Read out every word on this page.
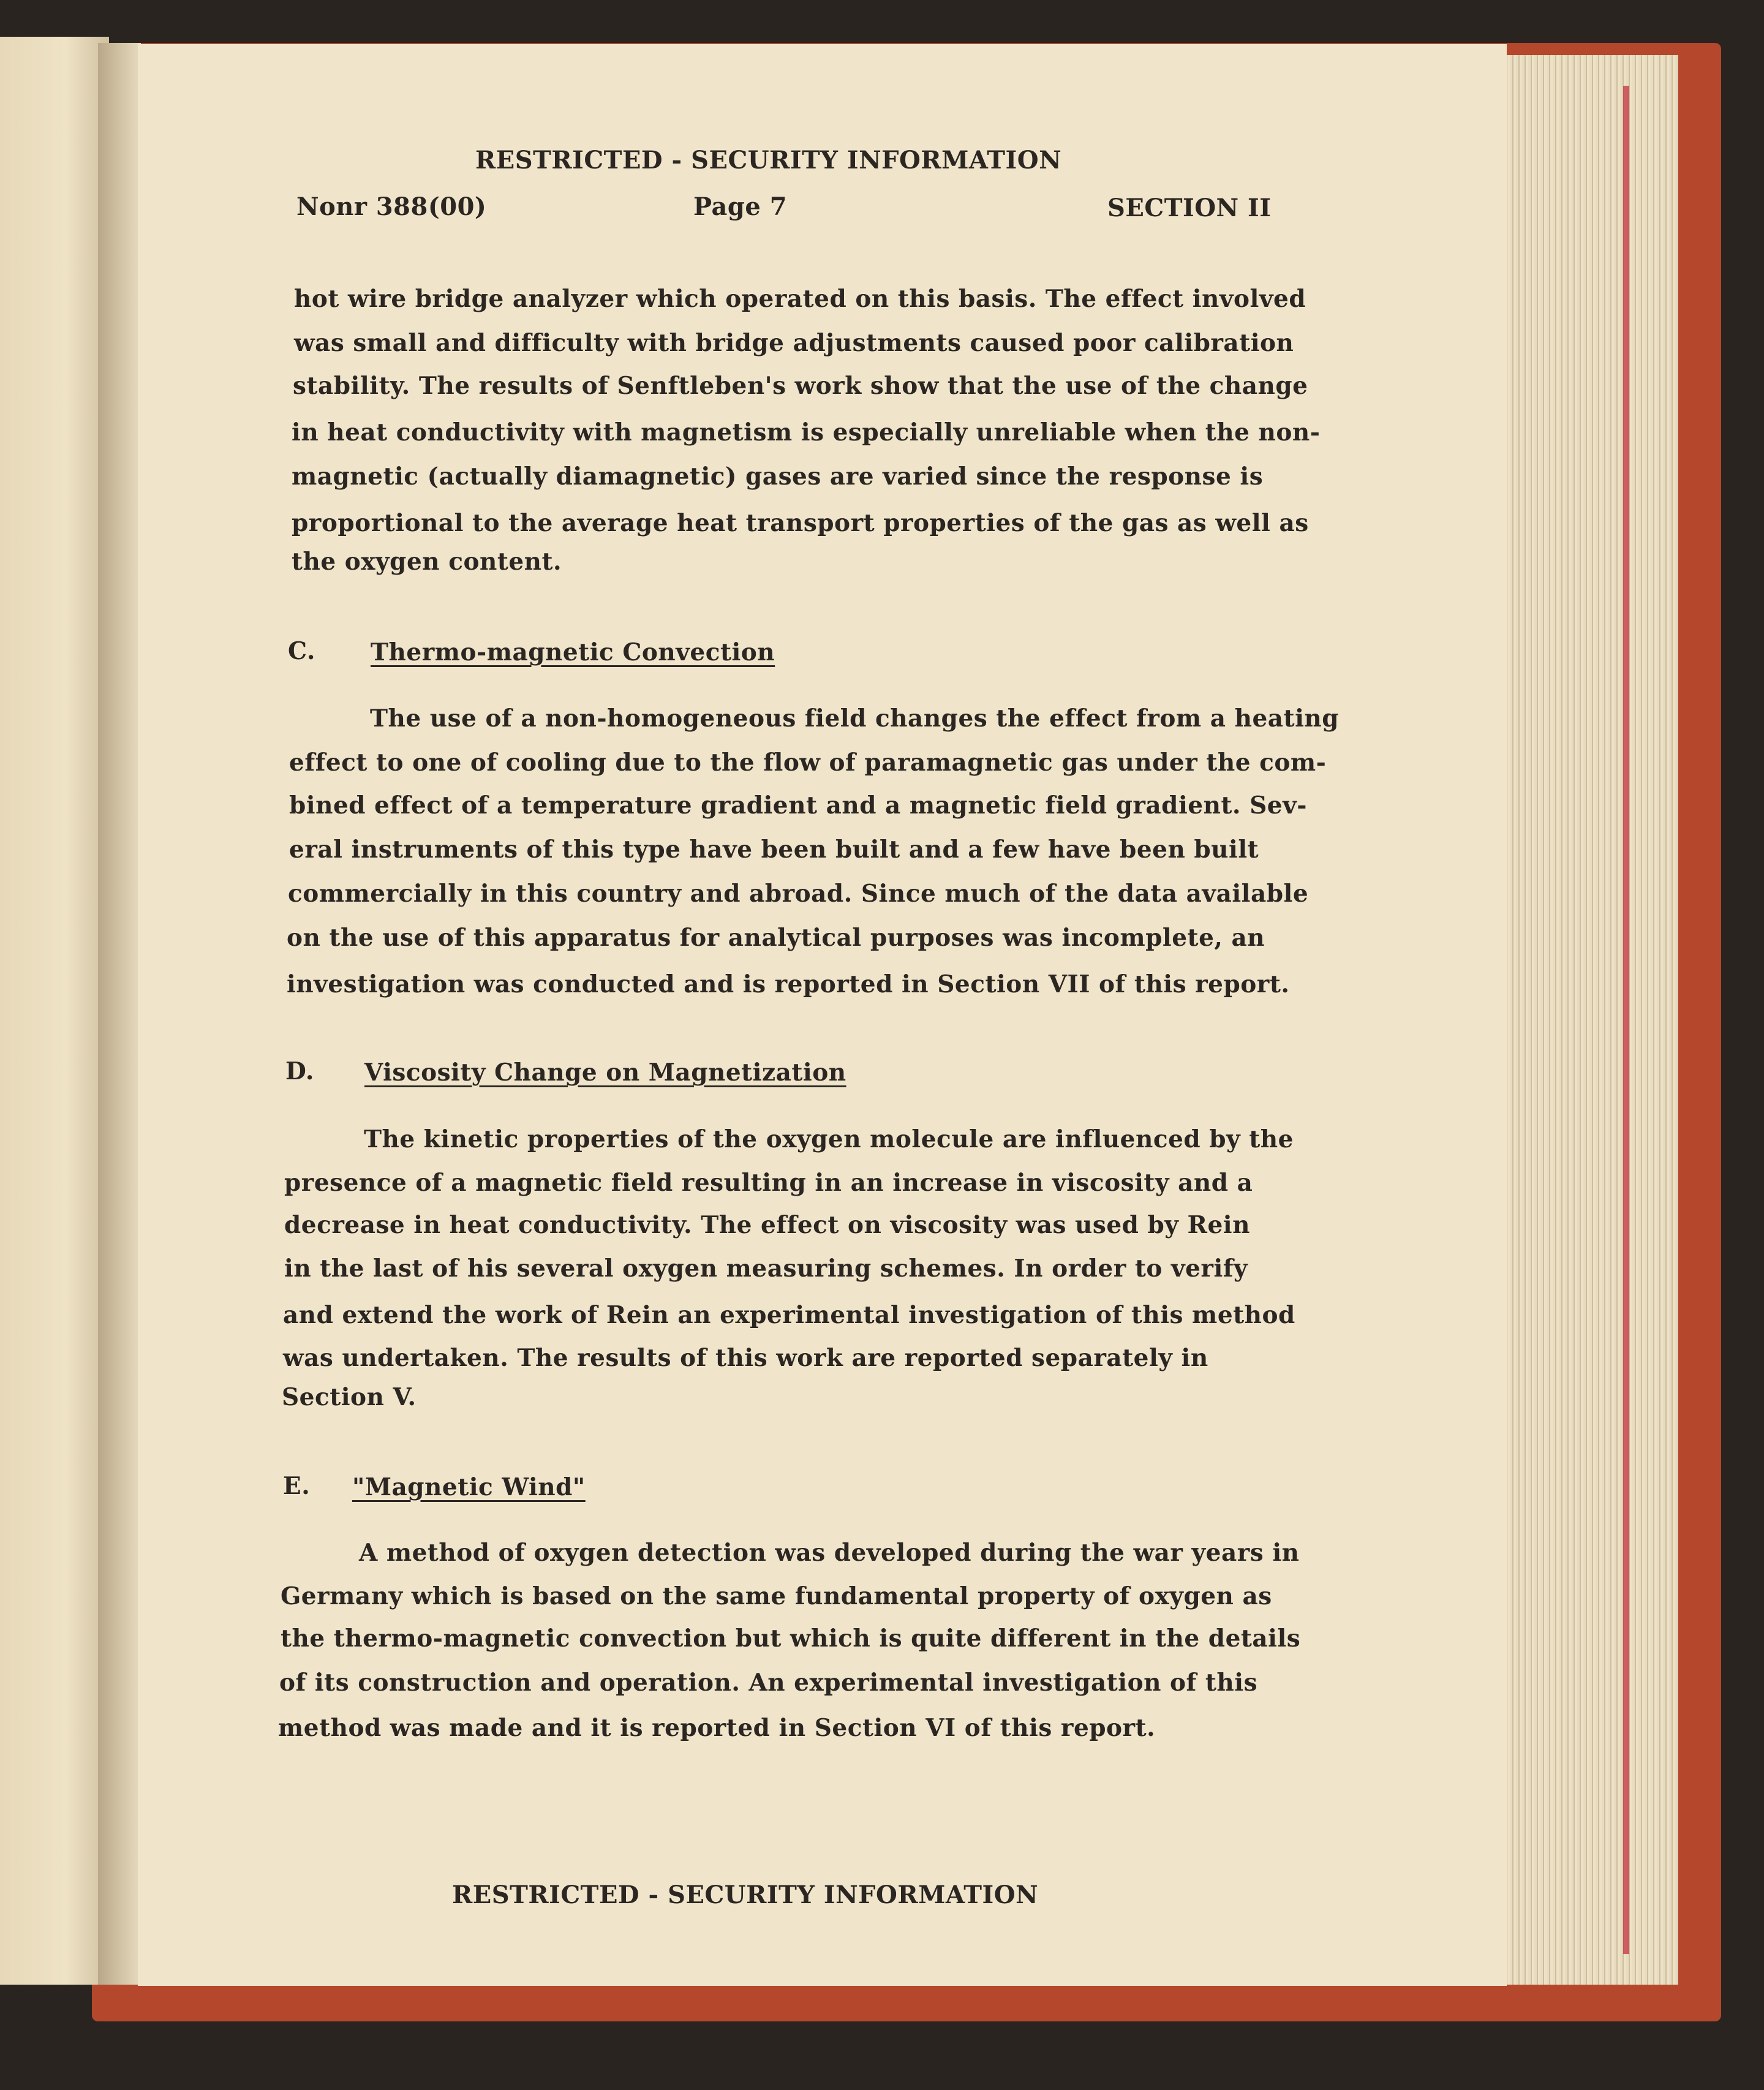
RESTRICTED - SECURITY INFORMATION
Nonr 388(00)	Page 7	SECTION II
hot wire bridge analyzer which operated on this basis. The effect involved
was small and difficulty with bridge adjustments caused poor calibration
stability. The results of Senftleben's work show that the use of the change
in heat conductivity with magnetism is especially unreliable when the non-
magnetic (actually diamagnetic) gases are varied since the response is
proportional to the average heat transport properties of the gas as well as
the oxygen content.
C. Thermo-magnetic Convection
The use of a non-homogeneous field changes the effect from a heating
effect to one of cooling due to the flow of paramagnetic gas under the com-
bined effect of a temperature gradient and a magnetic field gradient. Sev-
eral instruments of this type have been built and a few have been built
commercially in this country and abroad. Since much of the data available
on the use of this apparatus for analytical purposes was incomplete, an
investigation was conducted and is reported in Section VII of this report.
D. Viscosity Change on Magnetization
The kinetic properties of the oxygen molecule are influenced by the
presence of a magnetic field resulting in an increase in viscosity and a
decrease in heat conductivity. The effect on viscosity was used by Rein
in the last of his several oxygen measuring schemes. In order to verify
and extend the work of Rein an experimental investigation of this method
was undertaken. The results of this work are reported separately in
Section V.
E. "Magnetic Wind"
A method of oxygen detection was developed during the war years in
Germany which is based on the same fundamental property of oxygen as
the thermo-magnetic convection but which is quite different in the details
of its construction and operation. An experimental investigation of this
method was made and it is reported in Section VI of this report.
RESTRICTED - SECURITY INFORMATION
